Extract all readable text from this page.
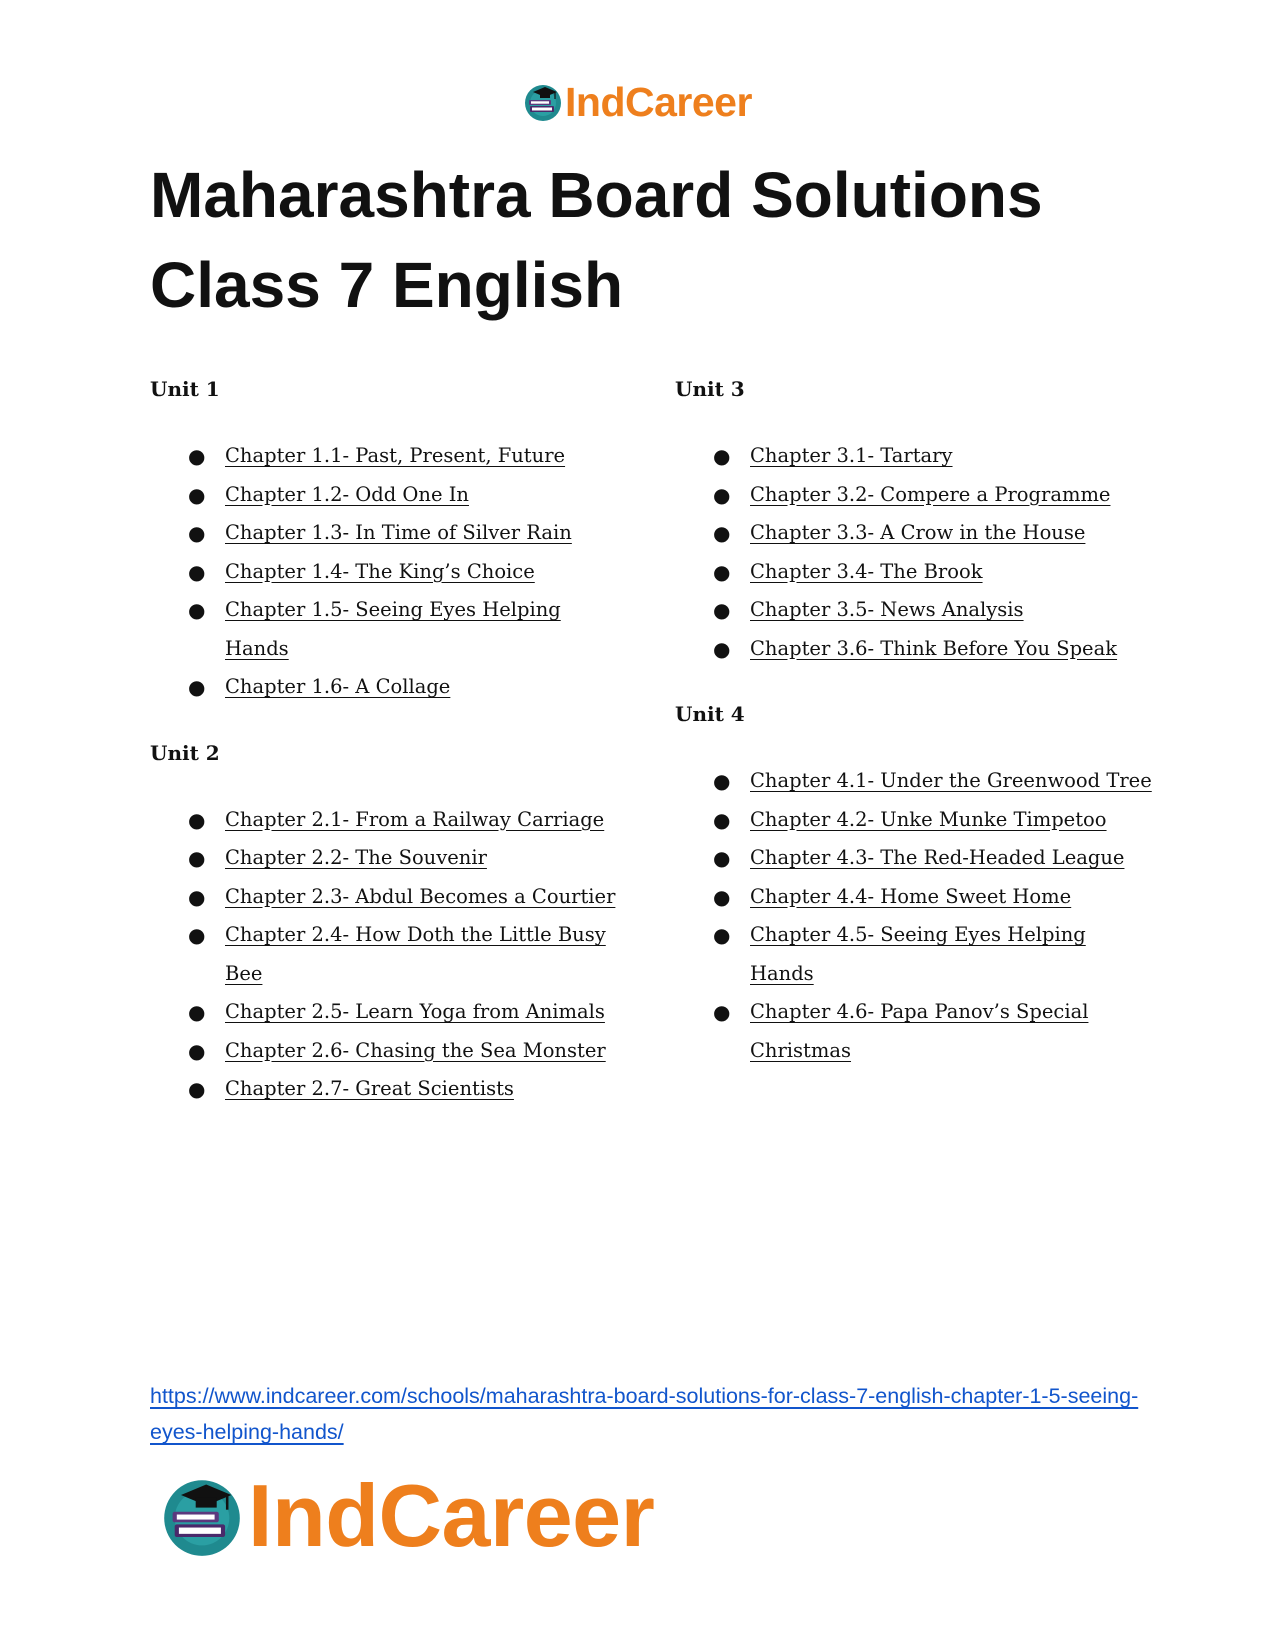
IndCareer
Maharashtra Board Solutions
Class 7 English
Unit 1
● Chapter 1.1- Past, Present, Future
● Chapter 1.2- Odd One In
● Chapter 1.3- In Time of Silver Rain
● Chapter 1.4- The King’s Choice
● Chapter 1.5- Seeing Eyes Helping Hands
● Chapter 1.6- A Collage
Unit 2
● Chapter 2.1- From a Railway Carriage
● Chapter 2.2- The Souvenir
● Chapter 2.3- Abdul Becomes a Courtier
● Chapter 2.4- How Doth the Little Busy Bee
● Chapter 2.5- Learn Yoga from Animals
● Chapter 2.6- Chasing the Sea Monster
● Chapter 2.7- Great Scientists
Unit 3
● Chapter 3.1- Tartary
● Chapter 3.2- Compere a Programme
● Chapter 3.3- A Crow in the House
● Chapter 3.4- The Brook
● Chapter 3.5- News Analysis
● Chapter 3.6- Think Before You Speak
Unit 4
● Chapter 4.1- Under the Greenwood Tree
● Chapter 4.2- Unke Munke Timpetoo
● Chapter 4.3- The Red-Headed League
● Chapter 4.4- Home Sweet Home
● Chapter 4.5- Seeing Eyes Helping Hands
● Chapter 4.6- Papa Panov’s Special Christmas
https://www.indcareer.com/schools/maharashtra-board-solutions-for-class-7-english-chapter-1-5-seeing-eyes-helping-hands/
IndCareer
